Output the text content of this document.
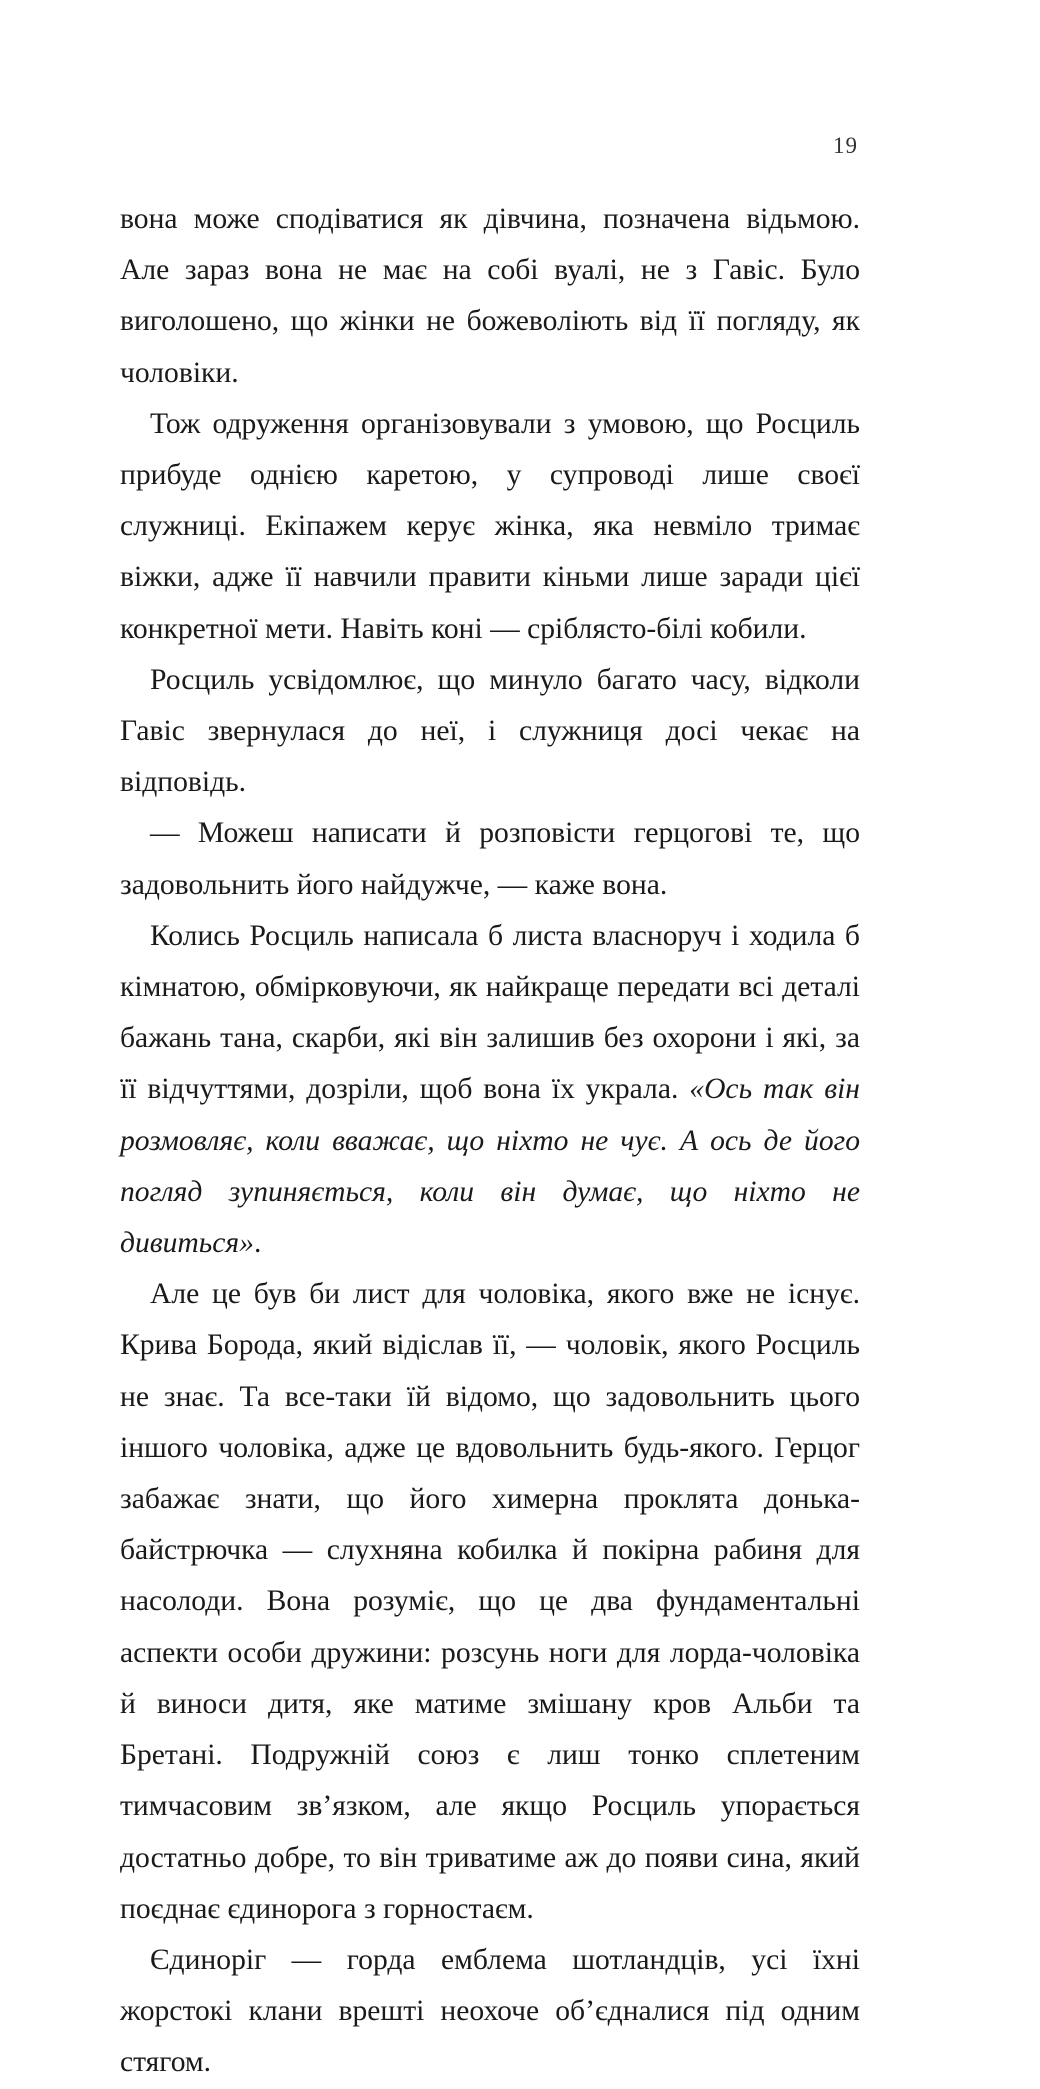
19

вона може сподіватися як дівчина, позначена відьмою. Але зараз вона не має на собі вуалі, не з Гавіс. Було виголошено, що жінки не божеволіють від її погляду, як чоловіки.

Тож одруження організовували з умовою, що Росциль прибуде однією каретою, у супроводі лише своєї служниці. Екіпажем керує жінка, яка невміло тримає віжки, адже її навчили правити кіньми лише заради цієї конкретної мети. Навіть коні — сріблясто-білі кобили.

Росциль усвідомлює, що минуло багато часу, відколи Гавіс звернулася до неї, і служниця досі чекає на відповідь.

— Можеш написати й розповісти герцогові те, що задовольнить його найдужче, — каже вона.

Колись Росциль написала б листа власноруч і ходила б кімнатою, обмірковуючи, як найкраще передати всі деталі бажань тана, скарби, які він залишив без охорони і які, за її відчуттями, дозріли, щоб вона їх украла. «Ось так він розмовляє, коли вважає, що ніхто не чує. А ось де його погляд зупиняється, коли він думає, що ніхто не дивиться».

Але це був би лист для чоловіка, якого вже не існує. Крива Борода, який відіслав її, — чоловік, якого Росциль не знає. Та все-таки їй відомо, що задовольнить цього іншого чоловіка, адже це вдовольнить будь-якого. Герцог забажає знати, що його химерна проклята донька-байстрючка — слухняна кобилка й покірна рабиня для насолоди. Вона розуміє, що це два фундаментальні аспекти особи дружини: розсунь ноги для лорда-чоловіка й виноси дитя, яке матиме змішану кров Альби та Бретані. Подружній союз є лиш тонко сплетеним тимчасовим зв’язком, але якщо Росциль упорається достатньо добре, то він триватиме аж до появи сина, який поєднає єдинорога з горностаєм.

Єдиноріг — горда емблема шотландців, усі їхні жорстокі клани врешті неохоче об’єдналися під одним стягом.
